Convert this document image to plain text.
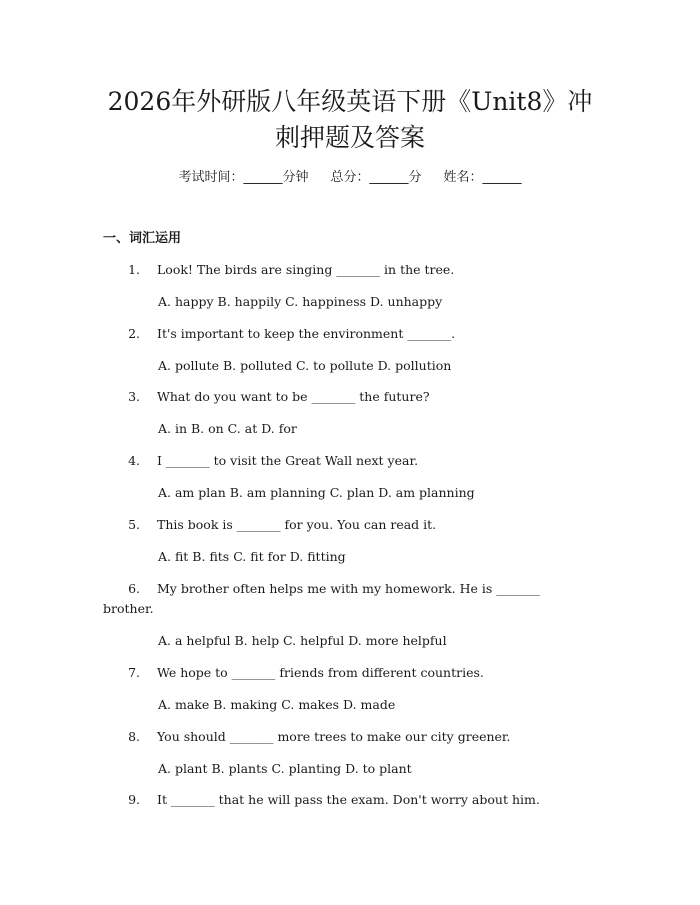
2026年外研版八年级英语下册《Unit8》冲
刺押题及答案
考试时间：______分钟 总分：______分 姓名：______
一、词汇运用
1. Look! The birds are singing _______ in the tree.
A. happy B. happily C. happiness D. unhappy
2. It's important to keep the environment _______.
A. pollute B. polluted C. to pollute D. pollution
3. What do you want to be _______ the future?
A. in B. on C. at D. for
4. I _______ to visit the Great Wall next year.
A. am plan B. am planning C. plan D. am planning
5. This book is _______ for you. You can read it.
A. fit B. fits C. fit for D. fitting
6. My brother often helps me with my homework. He is _______
brother.
A. a helpful B. help C. helpful D. more helpful
7. We hope to _______ friends from different countries.
A. make B. making C. makes D. made
8. You should _______ more trees to make our city greener.
A. plant B. plants C. planting D. to plant
9. It _______ that he will pass the exam. Don't worry about him.
